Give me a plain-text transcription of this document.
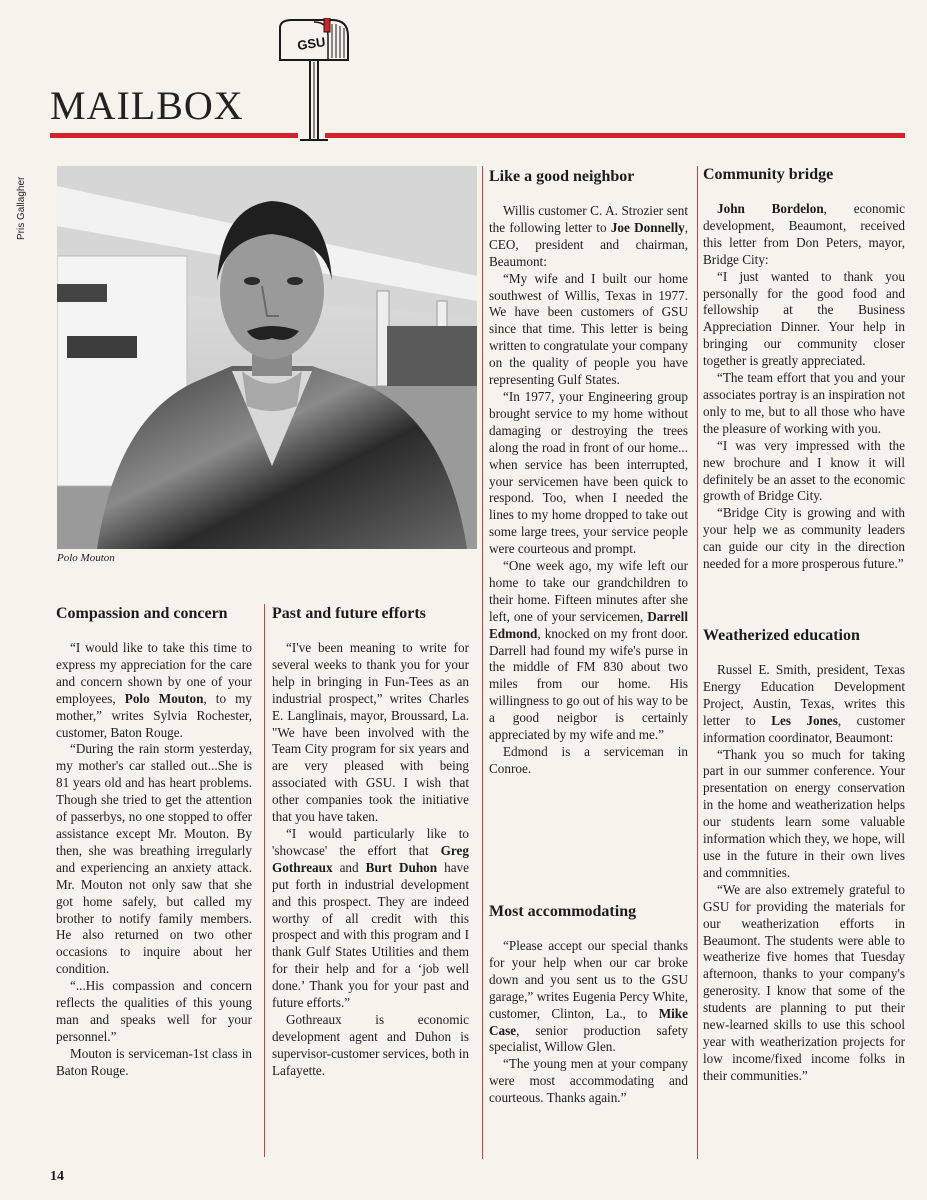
MAILBOX
GSU
Pris Gallagher
Polo Mouton
Compassion and concern

“I would like to take this time to express my appreciation for the care and concern shown by one of your employees, Polo Mouton, to my mother,” writes Sylvia Rochester, customer, Baton Rouge.

“During the rain storm yesterday, my mother's car stalled out...She is 81 years old and has heart problems. Though she tried to get the attention of passerbys, no one stopped to offer assistance except Mr. Mouton. By then, she was breathing irregularly and experiencing an anxiety attack. Mr. Mouton not only saw that she got home safely, but called my brother to notify family members. He also returned on two other occasions to inquire about her condition.

“...His compassion and concern reflects the qualities of this young man and speaks well for your personnel.”

Mouton is serviceman-1st class in Baton Rouge.

Past and future efforts

“I've been meaning to write for several weeks to thank you for your help in bringing in Fun-Tees as an industrial prospect,” writes Charles E. Langlinais, mayor, Broussard, La. "We have been involved with the Team City program for six years and are very pleased with being associated with GSU. I wish that other companies took the initiative that you have taken.

“I would particularly like to 'showcase' the effort that Greg Gothreaux and Burt Duhon have put forth in industrial development and this prospect. They are indeed worthy of all credit with this prospect and with this program and I thank Gulf States Utilities and them for their help and for a ‘job well done.’ Thank you for your past and future efforts.”

Gothreaux is economic development agent and Duhon is supervisor-customer services, both in Lafayette.

Like a good neighbor

Willis customer C. A. Strozier sent the following letter to Joe Donnelly, CEO, president and chairman, Beaumont:

“My wife and I built our home southwest of Willis, Texas in 1977. We have been customers of GSU since that time. This letter is being written to congratulate your company on the quality of people you have representing Gulf States.

“In 1977, your Engineering group brought service to my home without damaging or destroying the trees along the road in front of our home... when service has been interrupted, your servicemen have been quick to respond. Too, when I needed the lines to my home dropped to take out some large trees, your service people were courteous and prompt.

“One week ago, my wife left our home to take our grandchildren to their home. Fifteen minutes after she left, one of your servicemen, Darrell Edmond, knocked on my front door. Darrell had found my wife's purse in the middle of FM 830 about two miles from our home. His willingness to go out of his way to be a good neigbor is certainly appreciated by my wife and me.”

Edmond is a serviceman in Conroe.

Most accommodating

“Please accept our special thanks for your help when our car broke down and you sent us to the GSU garage,” writes Eugenia Percy White, customer, Clinton, La., to Mike Case, senior production safety specialist, Willow Glen.

“The young men at your company were most accommodating and courteous. Thanks again.”

Community bridge

John Bordelon, economic development, Beaumont, received this letter from Don Peters, mayor, Bridge City:

“I just wanted to thank you personally for the good food and fellowship at the Business Appreciation Dinner. Your help in bringing our community closer together is greatly appreciated.

“The team effort that you and your associates portray is an inspiration not only to me, but to all those who have the pleasure of working with you.

“I was very impressed with the new brochure and I know it will definitely be an asset to the economic growth of Bridge City.

“Bridge City is growing and with your help we as community leaders can guide our city in the direction needed for a more prosperous future.”

Weatherized education

Russel E. Smith, president, Texas Energy Education Development Project, Austin, Texas, writes this letter to Les Jones, customer information coordinator, Beaumont:

“Thank you so much for taking part in our summer conference. Your presentation on energy conservation in the home and weatherization helps our students learn some valuable information which they, we hope, will use in the future in their own lives and commnities.

“We are also extremely grateful to GSU for providing the materials for our weatherization efforts in Beaumont. The students were able to weatherize five homes that Tuesday afternoon, thanks to your company's generosity. I know that some of the students are planning to put their new-learned skills to use this school year with weatherization projects for low income/fixed income folks in their communities.”

14
